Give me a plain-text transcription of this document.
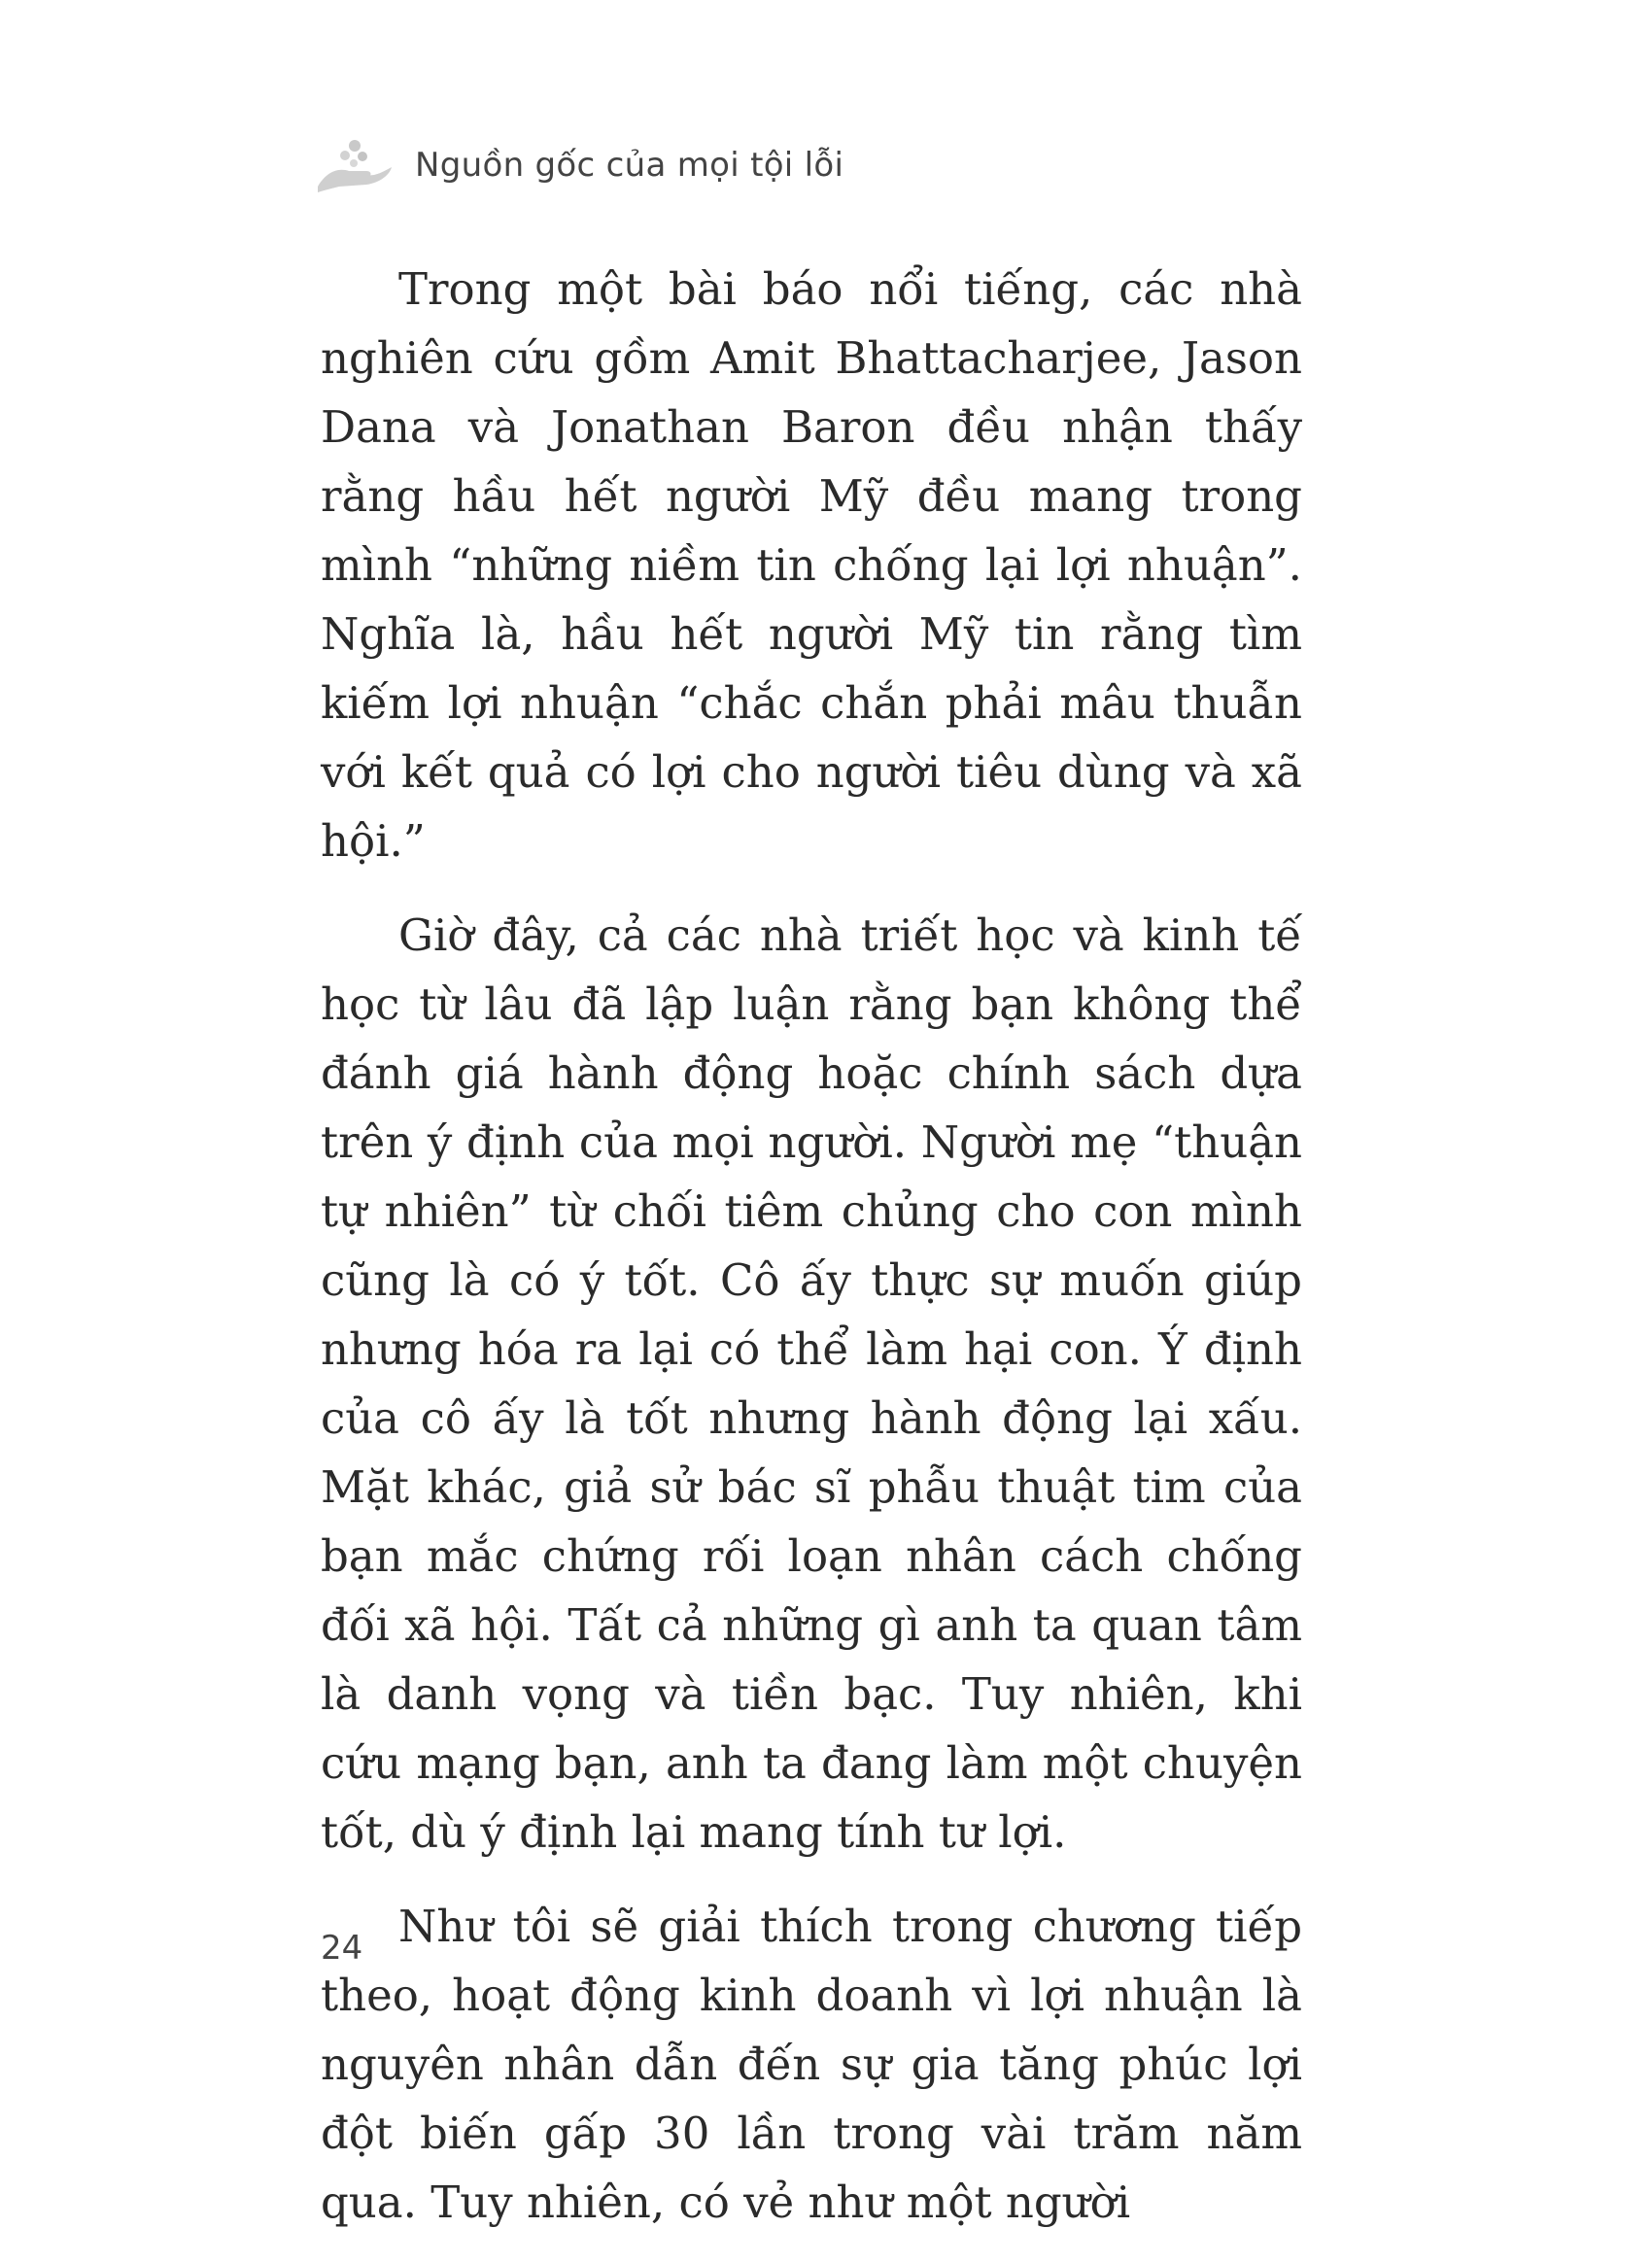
Nguồn gốc của mọi tội lỗi

Trong một bài báo nổi tiếng, các nhà nghiên cứu gồm Amit Bhattacharjee, Jason Dana và Jonathan Baron đều nhận thấy rằng hầu hết người Mỹ đều mang trong mình “những niềm tin chống lại lợi nhuận”. Nghĩa là, hầu hết người Mỹ tin rằng tìm kiếm lợi nhuận “chắc chắn phải mâu thuẫn với kết quả có lợi cho người tiêu dùng và xã hội.”

Giờ đây, cả các nhà triết học và kinh tế học từ lâu đã lập luận rằng bạn không thể đánh giá hành động hoặc chính sách dựa trên ý định của mọi người. Người mẹ “thuận tự nhiên” từ chối tiêm chủng cho con mình cũng là có ý tốt. Cô ấy thực sự muốn giúp nhưng hóa ra lại có thể làm hại con. Ý định của cô ấy là tốt nhưng hành động lại xấu. Mặt khác, giả sử bác sĩ phẫu thuật tim của bạn mắc chứng rối loạn nhân cách chống đối xã hội. Tất cả những gì anh ta quan tâm là danh vọng và tiền bạc. Tuy nhiên, khi cứu mạng bạn, anh ta đang làm một chuyện tốt, dù ý định lại mang tính tư lợi.

Như tôi sẽ giải thích trong chương tiếp theo, hoạt động kinh doanh vì lợi nhuận là nguyên nhân dẫn đến sự gia tăng phúc lợi đột biến gấp 30 lần trong vài trăm năm qua. Tuy nhiên, có vẻ như một người

24
